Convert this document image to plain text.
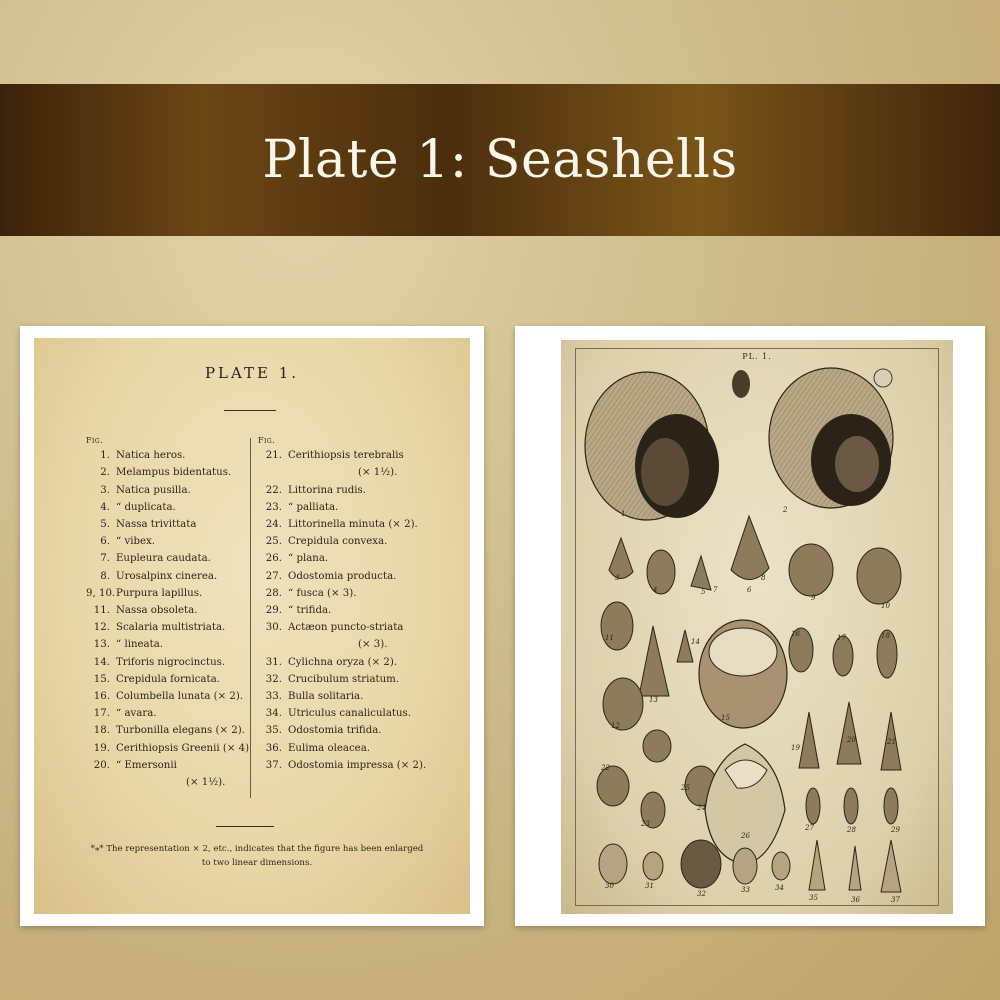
Plate 1: Seashells
PLATE 1.
Fig.
1. Natica heros.
2. Melampus bidentatus.
3. Natica pusilla.
4. “ duplicata.
5. Nassa trivittata
6. “ vibex.
7. Eupleura caudata.
8. Urosalpinx cinerea.
9, 10. Purpura lapillus.
11. Nassa obsoleta.
12. Scalaria multistriata.
13. “ lineata.
14. Triforis nigrocinctus.
15. Crepidula fornicata.
16. Columbella lunata (× 2).
17. “ avara.
18. Turbonilla elegans (× 2).
19. Cerithiopsis Greenii (× 4)
20. “ Emersonii
(× 1½).
Fig.
21. Cerithiopsis terebralis
(× 1½).
22. Littorina rudis.
23. “ palliata.
24. Littorinella minuta (× 2).
25. Crepidula convexa.
26. “ plana.
27. Odostomia producta.
28. “ fusca (× 3).
29. “ trifida.
30. Actæon puncto-striata
(× 3).
31. Cylichna oryza (× 2).
32. Crucibulum striatum.
33. Bulla solitaria.
34. Utriculus canaliculatus.
35. Odostomia trifida.
36. Eulima oleacea.
37. Odostomia impressa (× 2).
*⁎* The representation × 2, etc., indicates that the figure has been enlarged
to two linear dimensions.
PL. 1.
1	2
3
4	5	6
7
8
9
10
11
12
13
14
15
16	17	18
19
20	21
22
23
24
25
26
27	28	29
30	31
32	33	34
35	36	37
